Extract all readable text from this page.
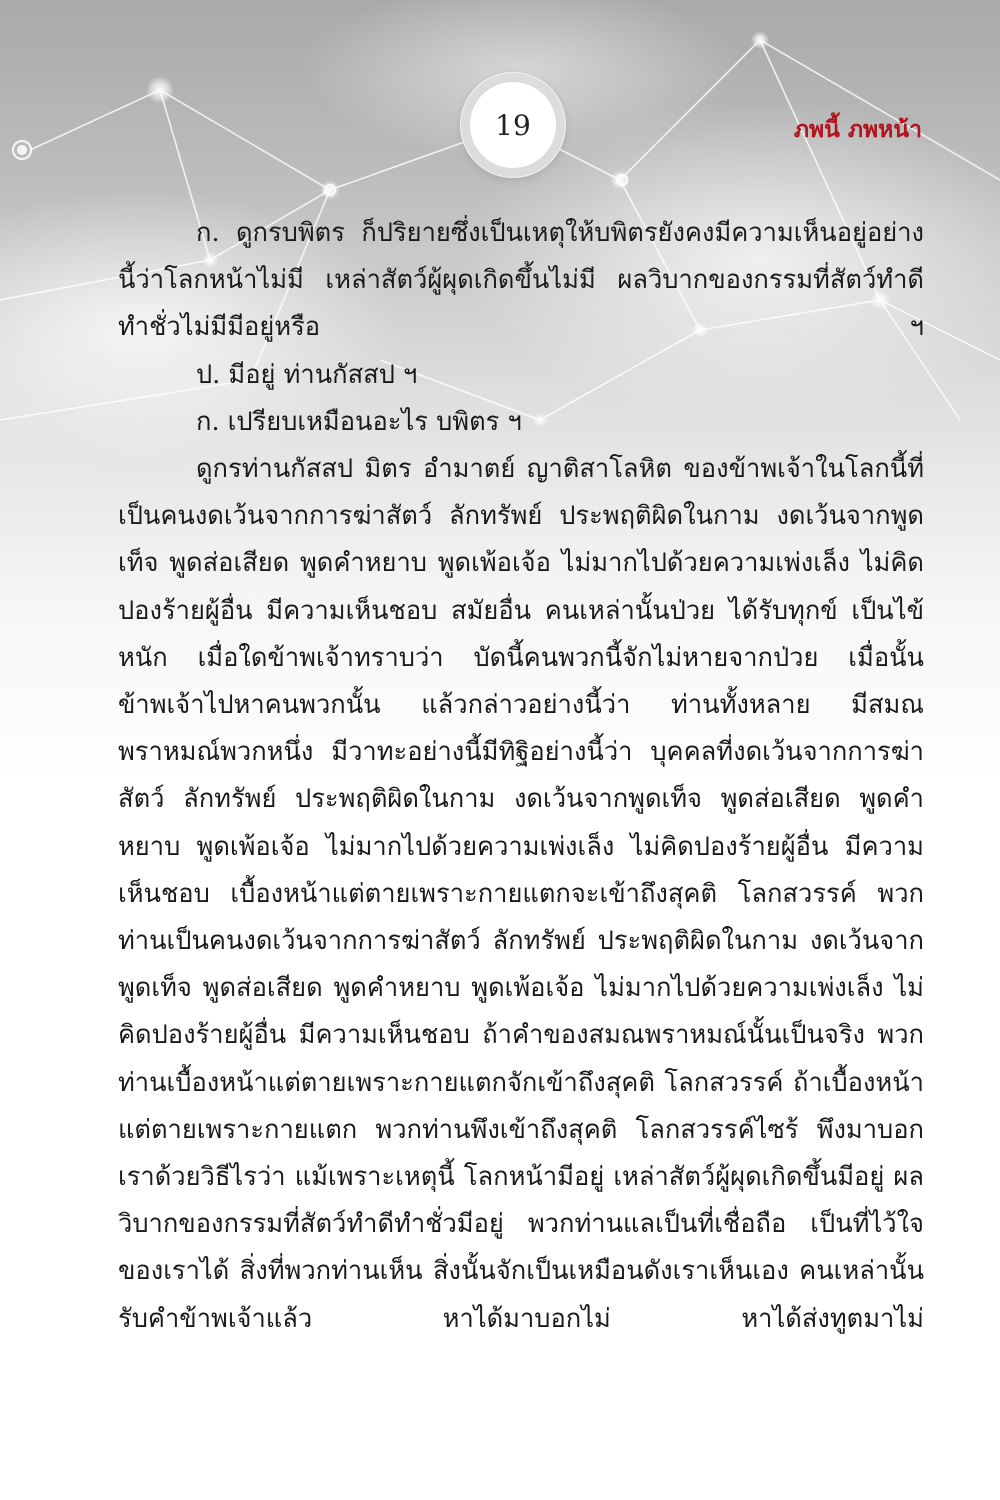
19	ภพนี้ ภพหน้า

ก. ดูกรบพิตร ก็ปริยายซึ่งเป็นเหตุให้บพิตรยังคงมีความเห็นอยู่อย่างนี้ว่าโลกหน้าไม่มี เหล่าสัตว์ผู้ผุดเกิดขึ้นไม่มี ผลวิบากของกรรมที่สัตว์ทำดีทำชั่วไม่มีมีอยู่หรือ ฯ

ป. มีอยู่ ท่านกัสสป ฯ

ก. เปรียบเหมือนอะไร บพิตร ฯ

ดูกรท่านกัสสป มิตร อำมาตย์ ญาติสาโลหิต ของข้าพเจ้าในโลกนี้ที่เป็นคนงดเว้นจากการฆ่าสัตว์ ลักทรัพย์ ประพฤติผิดในกาม งดเว้นจากพูดเท็จ พูดส่อเสียด พูดคำหยาบ พูดเพ้อเจ้อ ไม่มากไปด้วยความเพ่งเล็ง ไม่คิดปองร้ายผู้อื่น มีความเห็นชอบ สมัยอื่น คนเหล่านั้นป่วย ได้รับทุกข์ เป็นไข้หนัก เมื่อใดข้าพเจ้าทราบว่า บัดนี้คนพวกนี้จักไม่หายจากป่วย เมื่อนั้นข้าพเจ้าไปหาคนพวกนั้น แล้วกล่าวอย่างนี้ว่า ท่านทั้งหลาย มีสมณพราหมณ์พวกหนึ่ง มีวาทะอย่างนี้มีทิฐิอย่างนี้ว่า บุคคลที่งดเว้นจากการฆ่าสัตว์ ลักทรัพย์ ประพฤติผิดในกาม งดเว้นจากพูดเท็จ พูดส่อเสียด พูดคำหยาบ พูดเพ้อเจ้อ ไม่มากไปด้วยความเพ่งเล็ง ไม่คิดปองร้ายผู้อื่น มีความเห็นชอบ เบื้องหน้าแต่ตายเพราะกายแตกจะเข้าถึงสุคติ โลกสวรรค์ พวกท่านเป็นคนงดเว้นจากการฆ่าสัตว์ ลักทรัพย์ ประพฤติผิดในกาม งดเว้นจากพูดเท็จ พูดส่อเสียด พูดคำหยาบ พูดเพ้อเจ้อ ไม่มากไปด้วยความเพ่งเล็ง ไม่คิดปองร้ายผู้อื่น มีความเห็นชอบ ถ้าคำของสมณพราหมณ์นั้นเป็นจริง พวกท่านเบื้องหน้าแต่ตายเพราะกายแตกจักเข้าถึงสุคติ โลกสวรรค์ ถ้าเบื้องหน้าแต่ตายเพราะกายแตก พวกท่านพึงเข้าถึงสุคติ โลกสวรรค์ไซร้ พึงมาบอกเราด้วยวิธีไรว่า แม้เพราะเหตุนี้ โลกหน้ามีอยู่ เหล่าสัตว์ผู้ผุดเกิดขึ้นมีอยู่ ผลวิบากของกรรมที่สัตว์ทำดีทำชั่วมีอยู่ พวกท่านแลเป็นที่เชื่อถือ เป็นที่ไว้ใจของเราได้ สิ่งที่พวกท่านเห็น สิ่งนั้นจักเป็นเหมือนดังเราเห็นเอง คนเหล่านั้น รับคำข้าพเจ้าแล้ว หาได้มาบอกไม่ หาได้ส่งทูตมาไม่
